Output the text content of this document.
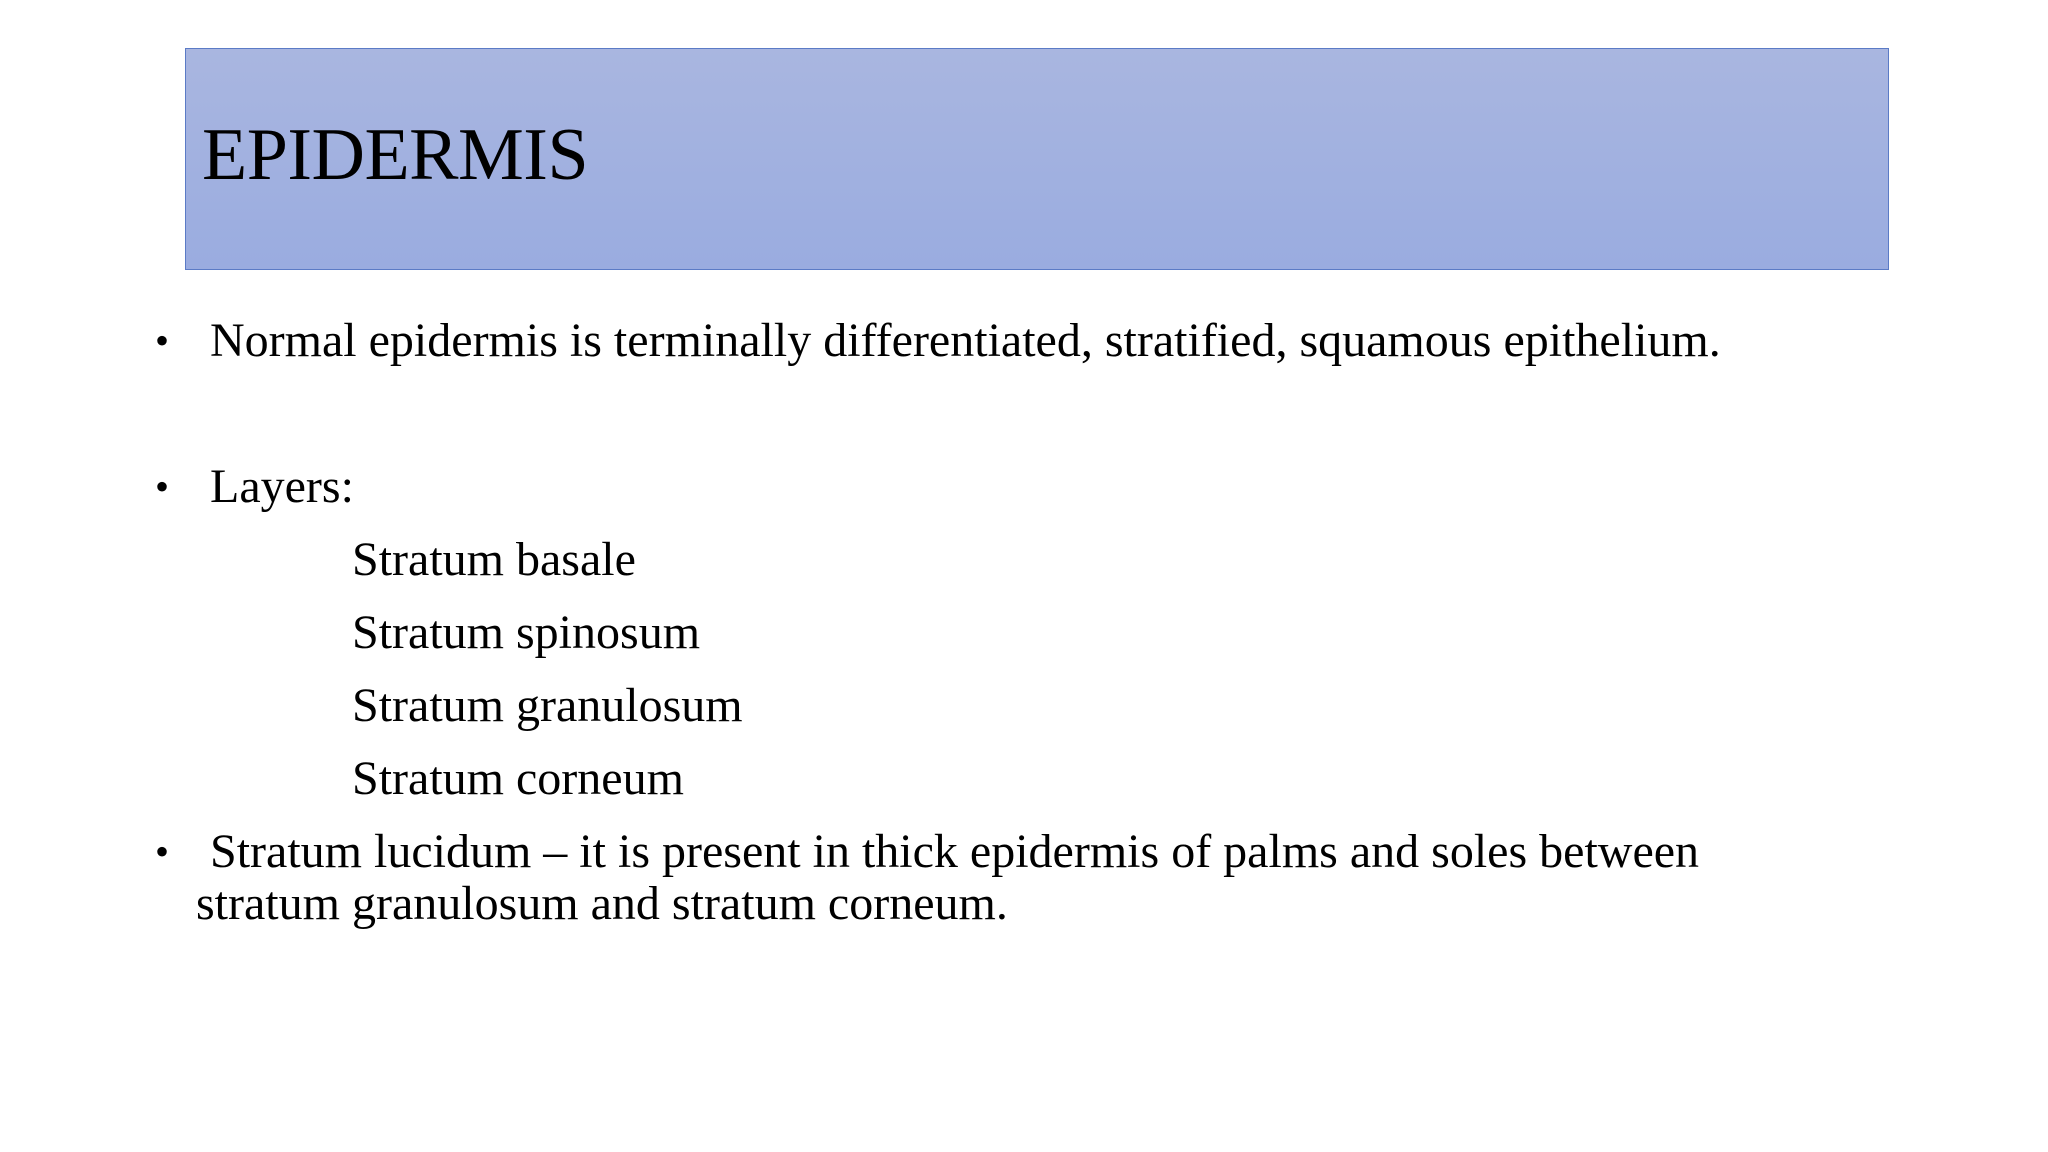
EPIDERMIS
• Normal epidermis is terminally differentiated, stratified, squamous epithelium.
• Layers:
Stratum basale
Stratum spinosum
Stratum granulosum
Stratum corneum
• Stratum lucidum – it is present in thick epidermis of palms and soles between
stratum granulosum and stratum corneum.
